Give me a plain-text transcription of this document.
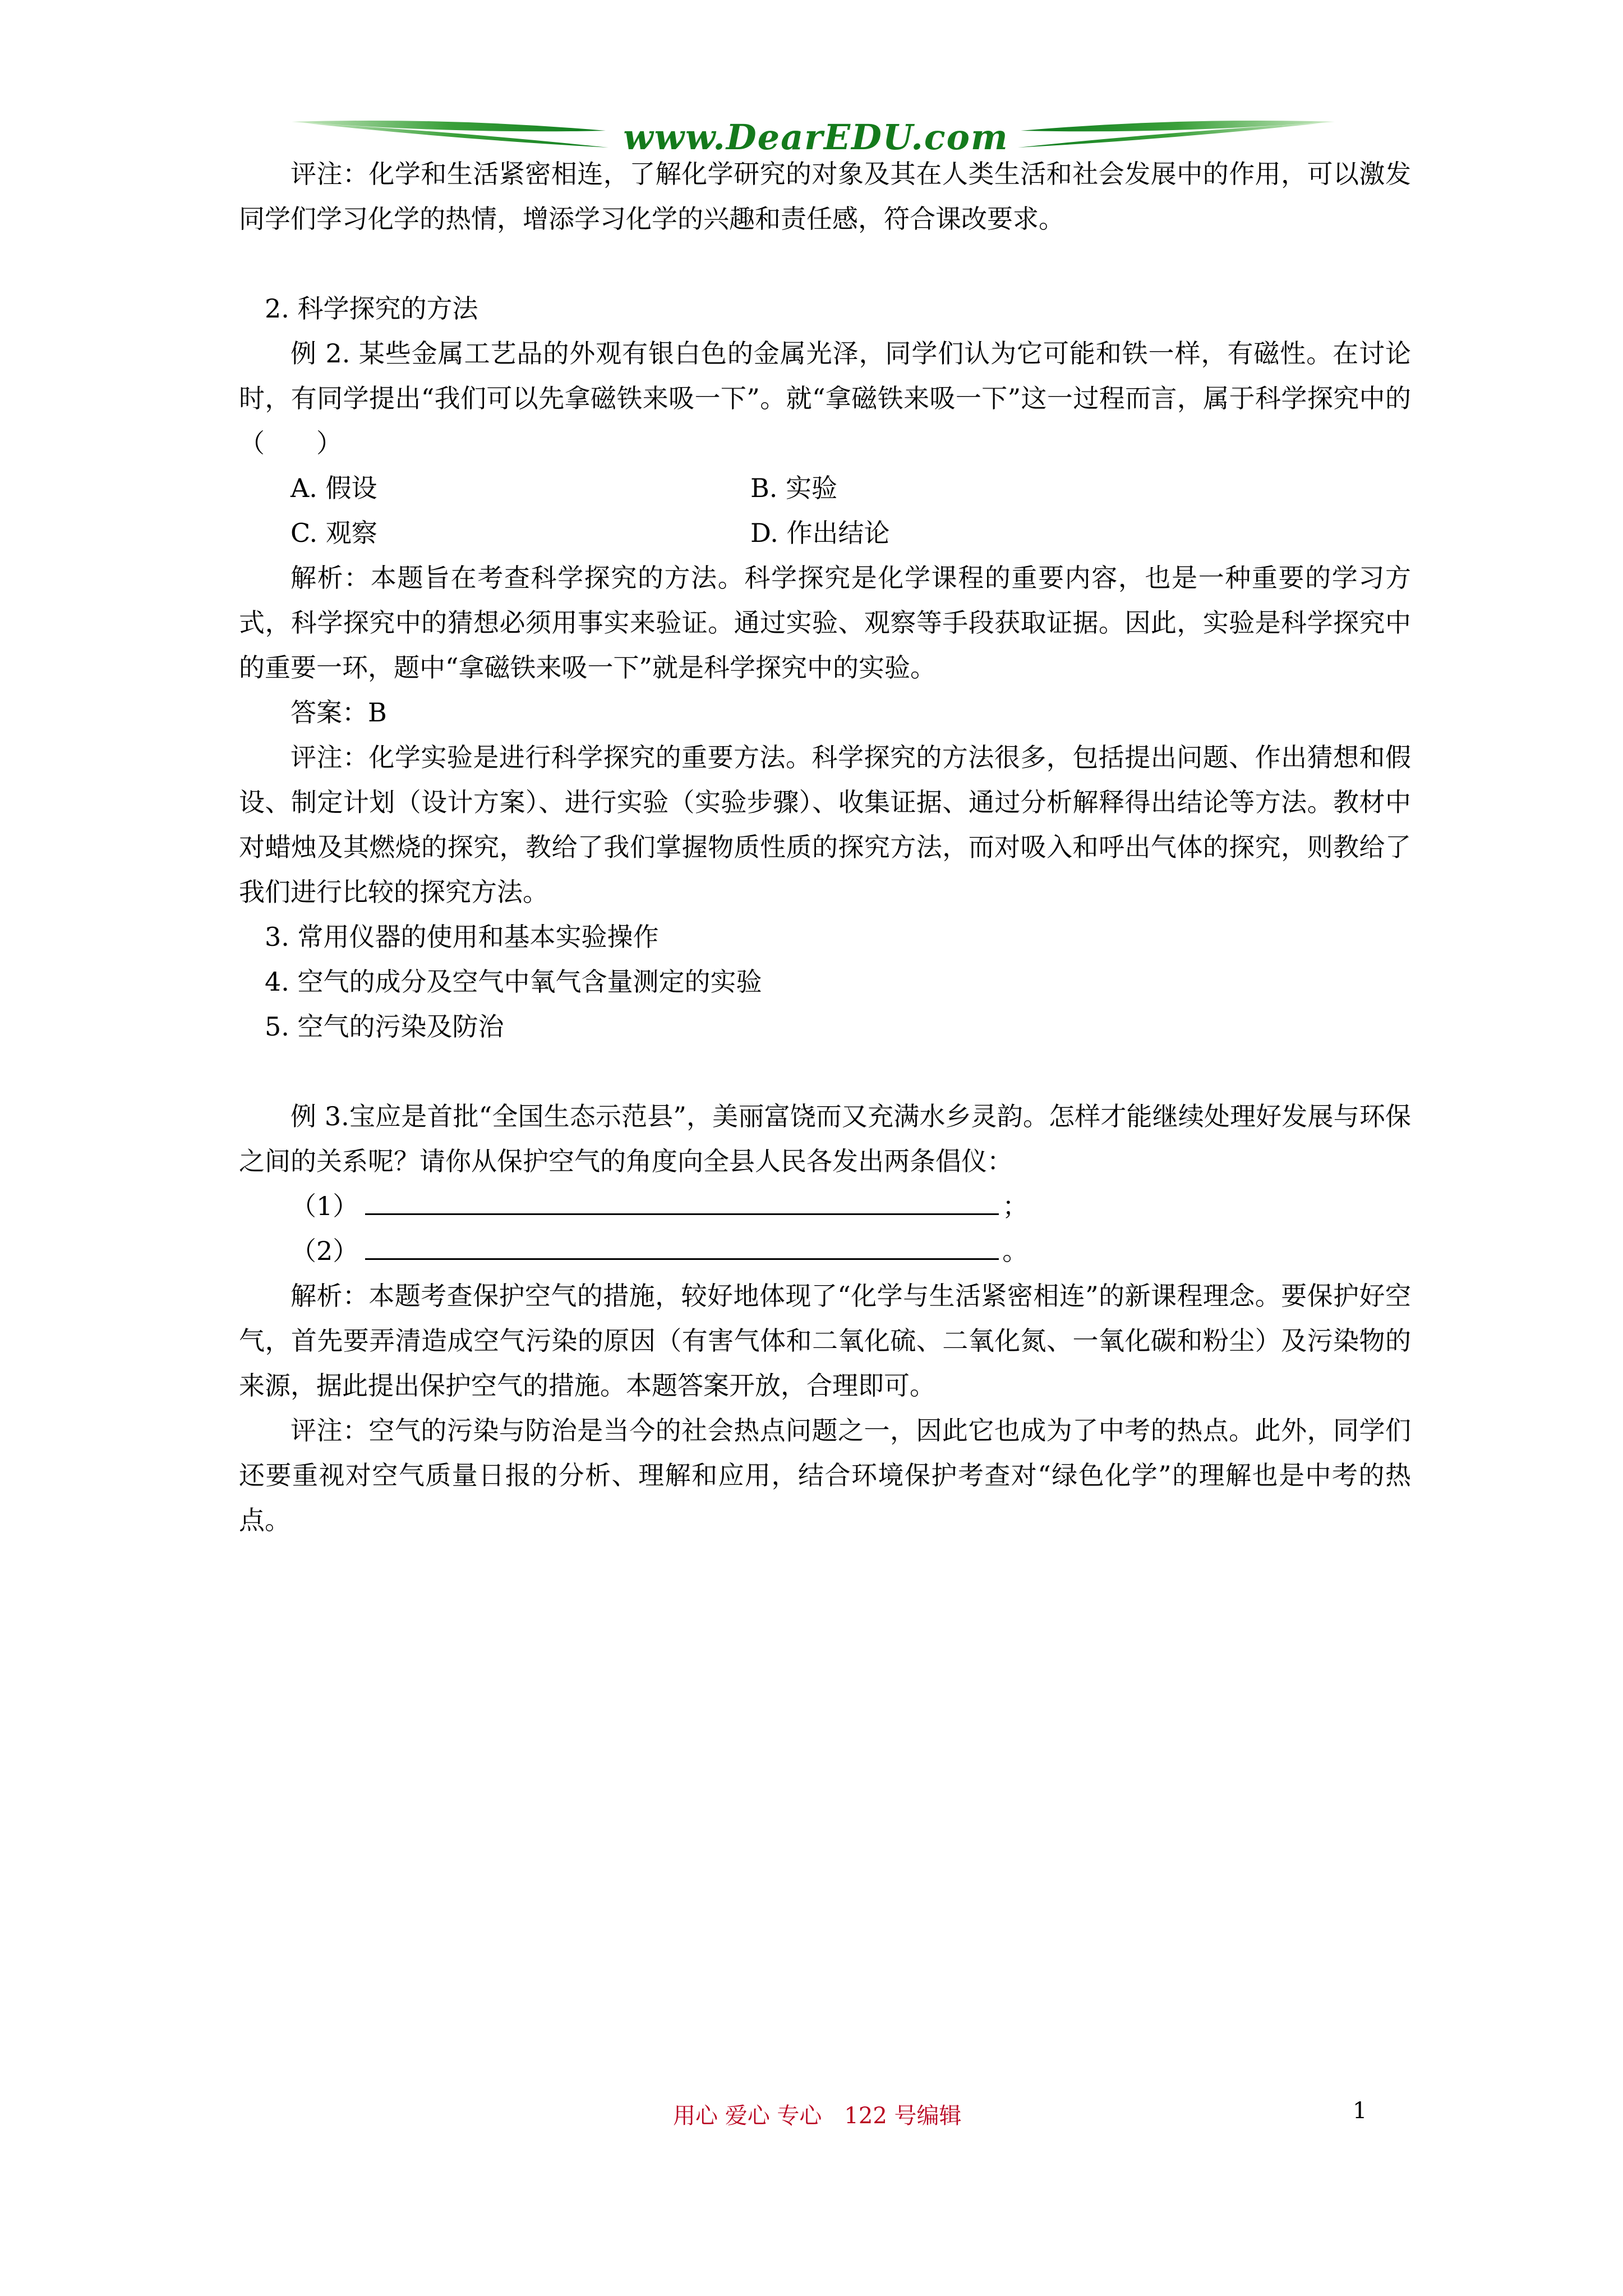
www.DearEDU.com

评注：化学和生活紧密相连，了解化学研究的对象及其在人类生活和社会发展中的作用，可以激发同学们学习化学的热情，增添学习化学的兴趣和责任感，符合课改要求。

2. 科学探究的方法

例 2. 某些金属工艺品的外观有银白色的金属光泽，同学们认为它可能和铁一样，有磁性。在讨论时，有同学提出“我们可以先拿磁铁来吸一下”。就“拿磁铁来吸一下”这一过程而言，属于科学探究中的（　　）

A. 假设	B. 实验
C. 观察	D. 作出结论

解析：本题旨在考查科学探究的方法。科学探究是化学课程的重要内容，也是一种重要的学习方式，科学探究中的猜想必须用事实来验证。通过实验、观察等手段获取证据。因此，实验是科学探究中的重要一环，题中“拿磁铁来吸一下”就是科学探究中的实验。

答案：B

评注：化学实验是进行科学探究的重要方法。科学探究的方法很多，包括提出问题、作出猜想和假设、制定计划（设计方案）、进行实验（实验步骤）、收集证据、通过分析解释得出结论等方法。教材中对蜡烛及其燃烧的探究，教给了我们掌握物质性质的探究方法，而对吸入和呼出气体的探究，则教给了我们进行比较的探究方法。

3. 常用仪器的使用和基本实验操作

4. 空气的成分及空气中氧气含量测定的实验

5. 空气的污染及防治

例 3.宝应是首批“全国生态示范县”，美丽富饶而又充满水乡灵韵。怎样才能继续处理好发展与环保之间的关系呢？请你从保护空气的角度向全县人民各发出两条倡仪：

（1）	；
（2）	。

解析：本题考查保护空气的措施，较好地体现了“化学与生活紧密相连”的新课程理念。要保护好空气，首先要弄清造成空气污染的原因（有害气体和二氧化硫、二氧化氮、一氧化碳和粉尘）及污染物的来源，据此提出保护空气的措施。本题答案开放，合理即可。

评注：空气的污染与防治是当今的社会热点问题之一，因此它也成为了中考的热点。此外，同学们还要重视对空气质量日报的分析、理解和应用，结合环境保护考查对“绿色化学”的理解也是中考的热点。

用心 爱心 专心　122 号编辑	1
